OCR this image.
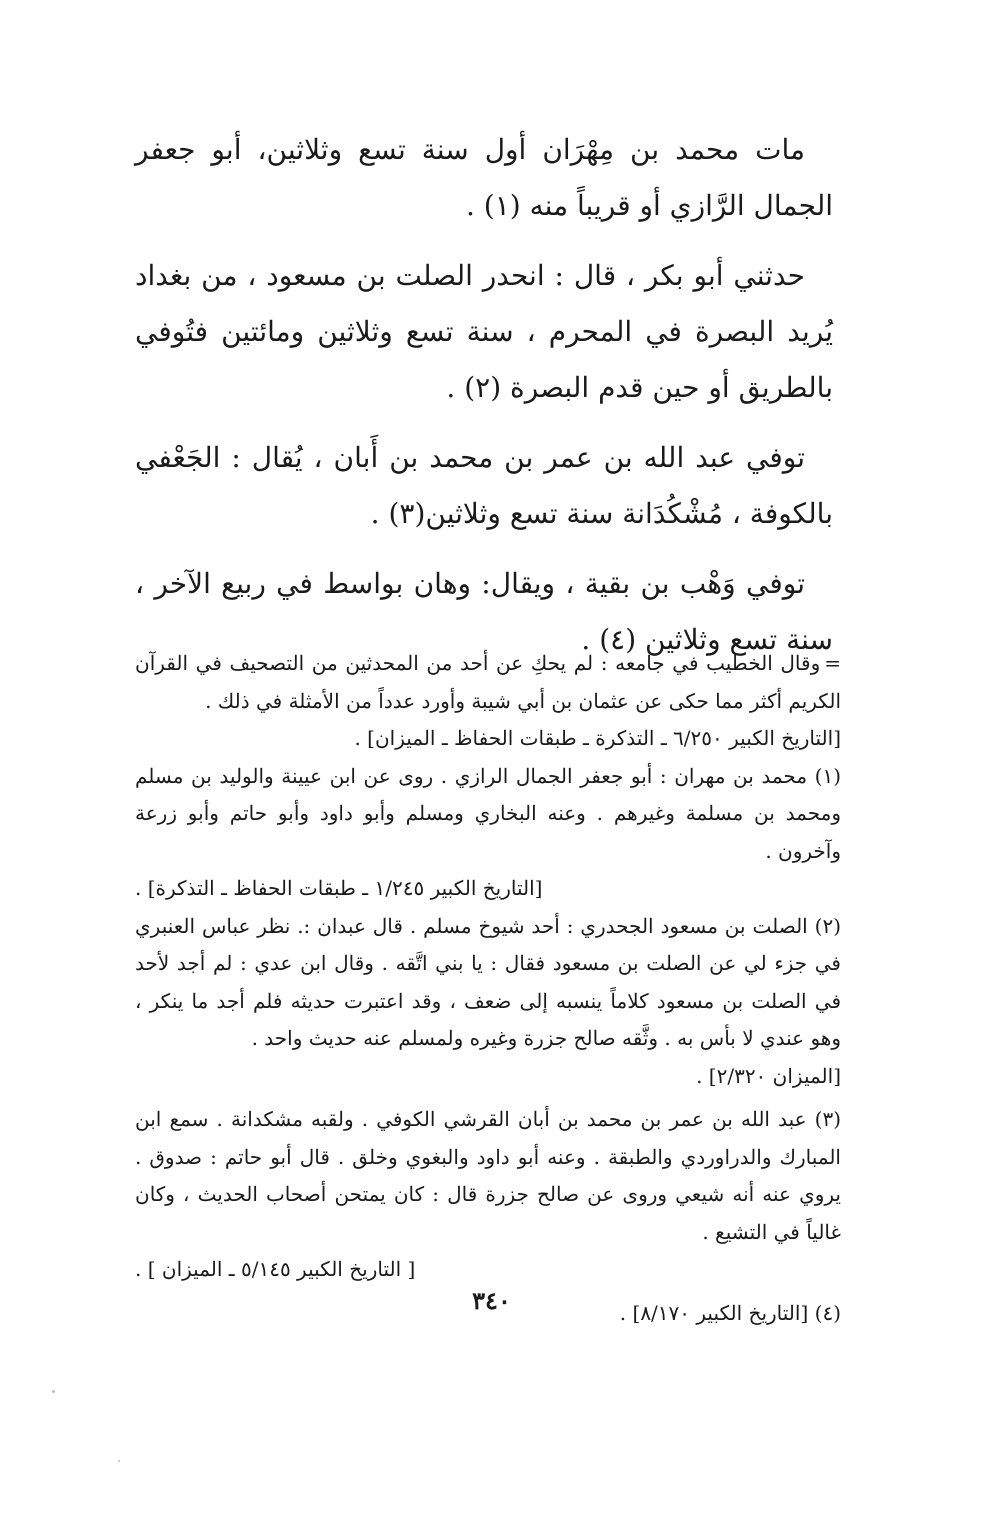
مات محمد بن مِهْرَان أول سنة تسع وثلاثين، أبو جعفر الجمال الرَّازي أو قريباً منه (١) .

حدثني أبو بكر ، قال : انحدر الصلت بن مسعود ، من بغداد يُريد البصرة في المحرم ، سنة تسع وثلاثين ومائتين فتُوفي بالطريق أو حين قدم البصرة (٢) .

توفي عبد الله بن عمر بن محمد بن أَبان ، يُقال : الجَعْفي بالكوفة ، مُشْكُدَانة سنة تسع وثلاثين(٣) .

توفي وَهْب بن بقية ، ويقال: وهان بواسط في ربيع الآخر ، سنة تسع وثلاثين (٤) .

=وقال الخطيب في جامعه : لم يحكِ عن أحد من المحدثين من التصحيف في القرآن الكريم أكثر مما حكى عن عثمان بن أبي شيبة وأورد عدداً من الأمثلة في ذلك .

[التاريخ الكبير ٦/٢٥٠ ـ التذكرة ـ طبقات الحفاظ ـ الميزان] .

(١) محمد بن مهران : أبو جعفر الجمال الرازي . روى عن ابن عيينة والوليد بن مسلم ومحمد بن مسلمة وغيرهم . وعنه البخاري ومسلم وأبو داود وأبو حاتم وأبو زرعة وآخرون .
[التاريخ الكبير ١/٢٤٥ ـ طبقات الحفاظ ـ التذكرة] .

(٢) الصلت بن مسعود الجحدري : أحد شيوخ مسلم . قال عبدان :. نظر عباس العنبري في جزء لي عن الصلت بن مسعود فقال : يا بني اتَّقه . وقال ابن عدي : لم أجد لأحد في الصلت بن مسعود كلاماً ينسبه إلى ضعف ، وقد اعتبرت حديثه فلم أجد ما ينكر ، وهو عندي لا بأس به . وثَّقه صالح جزرة وغيره ولمسلم عنه حديث واحد .

[الميزان ٢/٣٢٠] .

(٣) عبد الله بن عمر بن محمد بن أبان القرشي الكوفي . ولقبه مشكدانة . سمع ابن المبارك والدراوردي والطبقة . وعنه أبو داود والبغوي وخلق . قال أبو حاتم : صدوق . يروي عنه أنه شيعي وروى عن صالح جزرة قال : كان يمتحن أصحاب الحديث ، وكان غالياً في التشيع .
[ التاريخ الكبير ٥/١٤٥ ـ الميزان ] .

(٤) [التاريخ الكبير ٨/١٧٠] .

٣٤٠
